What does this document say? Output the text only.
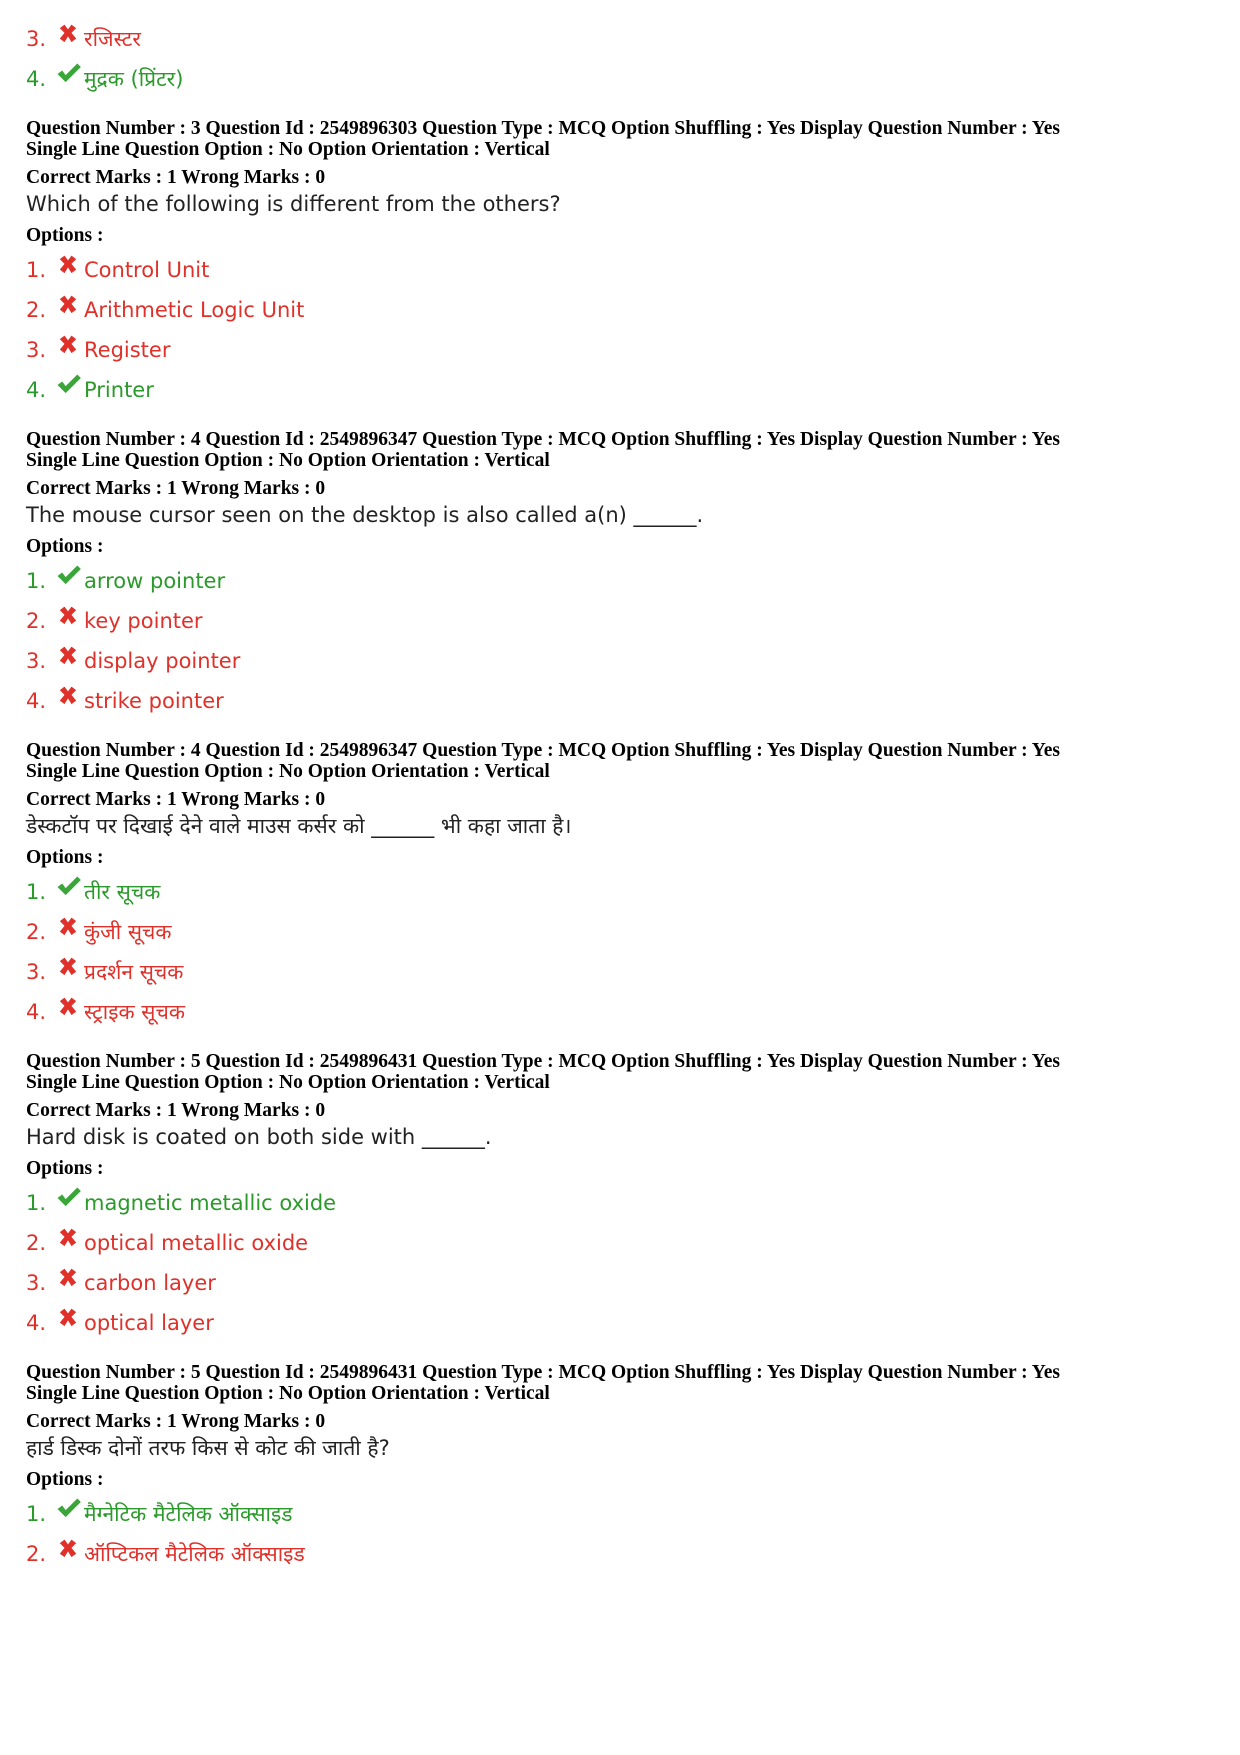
3.	रजिस्टर
4.	मुद्रक (प्रिंटर)
Question Number : 3 Question Id : 2549896303 Question Type : MCQ Option Shuffling : Yes Display Question Number : Yes
Single Line Question Option : No Option Orientation : Vertical
Correct Marks : 1 Wrong Marks : 0
Which of the following is different from the others?
Options :
1.	Control Unit
2.	Arithmetic Logic Unit
3.	Register
4.	Printer
Question Number : 4 Question Id : 2549896347 Question Type : MCQ Option Shuffling : Yes Display Question Number : Yes
Single Line Question Option : No Option Orientation : Vertical
Correct Marks : 1 Wrong Marks : 0
The mouse cursor seen on the desktop is also called a(n) ______.
Options :
1.	arrow pointer
2.	key pointer
3.	display pointer
4.	strike pointer
Question Number : 4 Question Id : 2549896347 Question Type : MCQ Option Shuffling : Yes Display Question Number : Yes
Single Line Question Option : No Option Orientation : Vertical
Correct Marks : 1 Wrong Marks : 0
डेस्कटॉप पर दिखाई देने वाले माउस कर्सर को ______ भी कहा जाता है।
Options :
1.	तीर सूचक
2.	कुंजी सूचक
3.	प्रदर्शन सूचक
4.	स्ट्राइक सूचक
Question Number : 5 Question Id : 2549896431 Question Type : MCQ Option Shuffling : Yes Display Question Number : Yes
Single Line Question Option : No Option Orientation : Vertical
Correct Marks : 1 Wrong Marks : 0
Hard disk is coated on both side with ______.
Options :
1.	magnetic metallic oxide
2.	optical metallic oxide
3.	carbon layer
4.	optical layer
Question Number : 5 Question Id : 2549896431 Question Type : MCQ Option Shuffling : Yes Display Question Number : Yes
Single Line Question Option : No Option Orientation : Vertical
Correct Marks : 1 Wrong Marks : 0
हार्ड डिस्क दोनों तरफ किस से कोट की जाती है?
Options :
1.	मैग्नेटिक मैटेलिक ऑक्साइड
2.	ऑप्टिकल मैटेलिक ऑक्साइड
